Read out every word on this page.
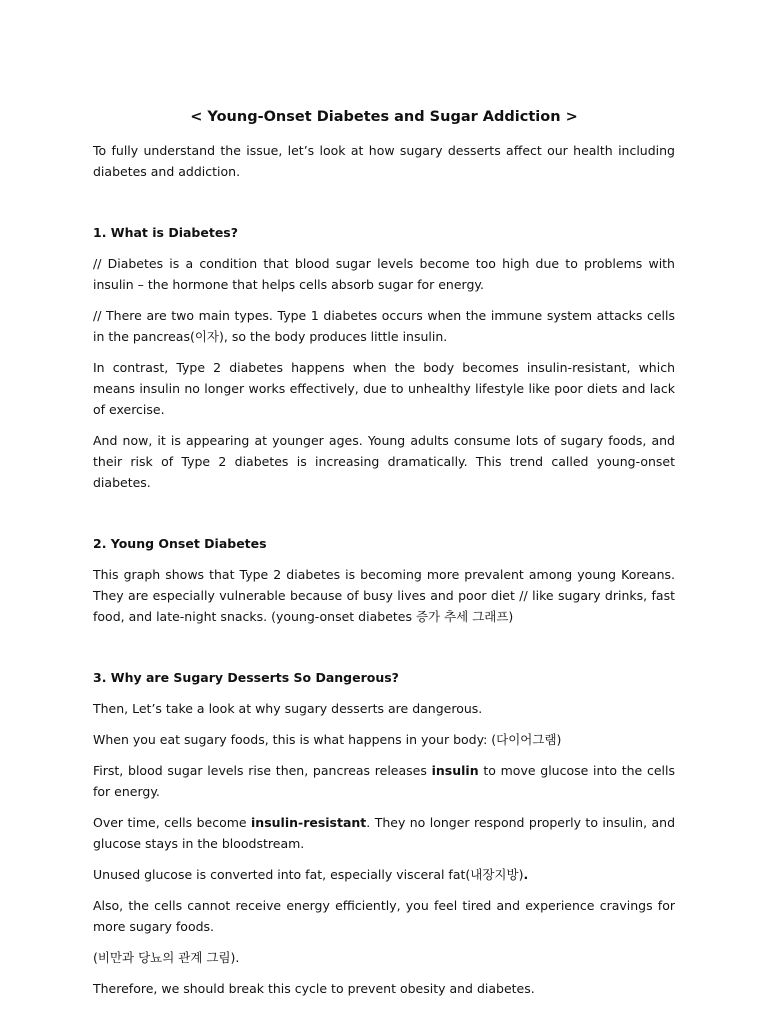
< Young-Onset Diabetes and Sugar Addiction >

To fully understand the issue, let’s look at how sugary desserts affect our health including diabetes and addiction.

1. What is Diabetes?

// Diabetes is a condition that blood sugar levels become too high due to problems with insulin – the hormone that helps cells absorb sugar for energy.

// There are two main types. Type 1 diabetes occurs when the immune system attacks cells in the pancreas(이자), so the body produces little insulin.

In contrast, Type 2 diabetes happens when the body becomes insulin-resistant, which means insulin no longer works effectively, due to unhealthy lifestyle like poor diets and lack of exercise.

And now, it is appearing at younger ages. Young adults consume lots of sugary foods, and their risk of Type 2 diabetes is increasing dramatically. This trend called young-onset diabetes.

2. Young Onset Diabetes

This graph shows that Type 2 diabetes is becoming more prevalent among young Koreans. They are especially vulnerable because of busy lives and poor diet // like sugary drinks, fast food, and late-night snacks. (young-onset diabetes 증가 추세 그래프)

3. Why are Sugary Desserts So Dangerous?

Then, Let’s take a look at why sugary desserts are dangerous.

When you eat sugary foods, this is what happens in your body: (다이어그램)

First, blood sugar levels rise then, pancreas releases insulin to move glucose into the cells for energy.

Over time, cells become insulin-resistant. They no longer respond properly to insulin, and glucose stays in the bloodstream.

Unused glucose is converted into fat, especially visceral fat(내장지방).

Also, the cells cannot receive energy efficiently, you feel tired and experience cravings for more sugary foods.

(비만과 당뇨의 관계 그림).

Therefore, we should break this cycle to prevent obesity and diabetes.
